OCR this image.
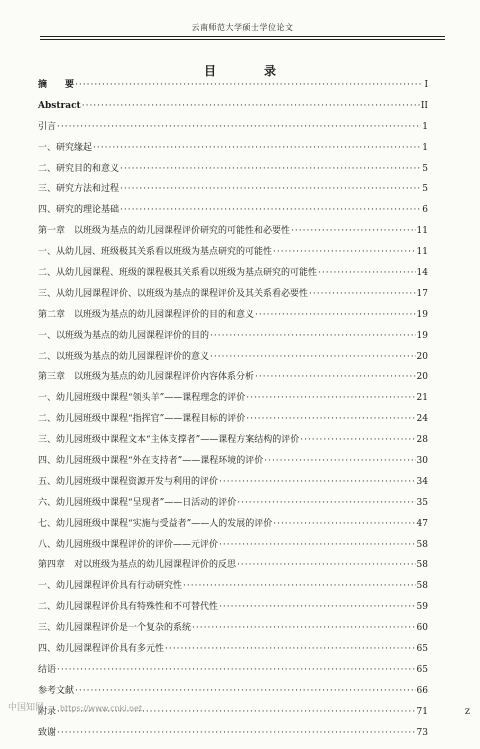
云南师范大学硕士学位论文
目　录
摘　　要 ·····	I
Abstract ·····	II
引言 ·····	1
一、研究缘起 ·····	1
二、研究目的和意义 ·····	5
三、研究方法和过程 ·····	5
四、研究的理论基础 ·····	6
第一章　以班级为基点的幼儿园课程评价研究的可能性和必要性 ·····	11
一、从幼儿园、班级极其关系看以班级为基点研究的可能性 ·····	11
二、从幼儿园课程、班级的课程极其关系看以班级为基点研究的可能性 ·····	14
三、从幼儿园课程评价、以班级为基点的课程评价及其关系看必要性 ·····	17
第二章　以班级为基点的幼儿园课程评价的目的和意义 ·····	19
一、以班级为基点的幼儿园课程评价的目的 ·····	19
二、以班级为基点的幼儿园课程评价的意义 ·····	20
第三章　以班级为基点的幼儿园课程评价内容体系分析 ·····	20
一、幼儿园班级中课程“领头羊”——课程理念的评价 ·····	21
二、幼儿园班级中课程“指挥官”——课程目标的评价 ·····	24
三、幼儿园班级中课程文本“主体支撑者”——课程方案结构的评价 ·····	28
四、幼儿园班级中课程“外在支持者”——课程环境的评价 ·····	30
五、幼儿园班级中课程资源开发与利用的评价 ·····	34
六、幼儿园班级中课程“呈现者”——日活动的评价 ·····	35
七、幼儿园班级中课程“实施与受益者”——人的发展的评价 ·····	47
八、幼儿园班级中课程评价的评价——元评价 ·····	58
第四章　对以班级为基点的幼儿园课程评价的反思 ·····	58
一、幼儿园课程评价具有行动研究性 ·····	58
二、幼儿园课程评价具有特殊性和不可替代性 ·····	59
三、幼儿园课程评价是一个复杂的系统 ·····	60
四、幼儿园课程评价具有多元性 ·····	65
结语 ·····	65
参考文献 ·····	66
附录 ·····	71
致谢 ·····	73
中国知网 https://www.cnki.net	z
